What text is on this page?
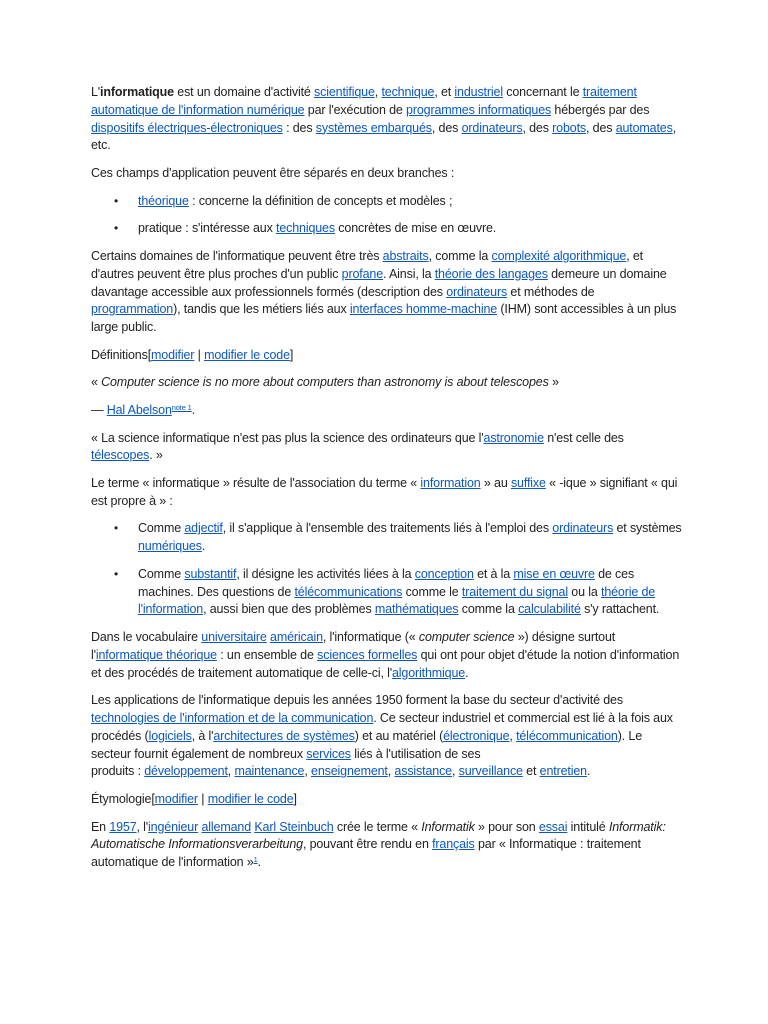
L'informatique est un domaine d'activité scientifique, technique, et industriel concernant le traitement automatique de l'information numérique par l'exécution de programmes informatiques hébergés par des dispositifs électriques-électroniques : des systèmes embarqués, des ordinateurs, des robots, des automates, etc.

Ces champs d'application peuvent être séparés en deux branches :

• théorique : concerne la définition de concepts et modèles ;
• pratique : s'intéresse aux techniques concrètes de mise en œuvre.

Certains domaines de l'informatique peuvent être très abstraits, comme la complexité algorithmique, et d'autres peuvent être plus proches d'un public profane. Ainsi, la théorie des langages demeure un domaine davantage accessible aux professionnels formés (description des ordinateurs et méthodes de programmation), tandis que les métiers liés aux interfaces homme-machine (IHM) sont accessibles à un plus large public.

Définitions[modifier | modifier le code]

« Computer science is no more about computers than astronomy is about telescopes »

— Hal Abelson$^{note 1}$.

« La science informatique n'est pas plus la science des ordinateurs que l'astronomie n'est celle des télescopes. »

Le terme « informatique » résulte de l'association du terme « information » au suffixe « -ique » signifiant « qui est propre à » :

• Comme adjectif, il s'applique à l'ensemble des traitements liés à l'emploi des ordinateurs et systèmes numériques.
• Comme substantif, il désigne les activités liées à la conception et à la mise en œuvre de ces machines. Des questions de télécommunications comme le traitement du signal ou la théorie de l'information, aussi bien que des problèmes mathématiques comme la calculabilité s'y rattachent.

Dans le vocabulaire universitaire américain, l'informatique (« computer science ») désigne surtout l'informatique théorique : un ensemble de sciences formelles qui ont pour objet d'étude la notion d'information et des procédés de traitement automatique de celle-ci, l'algorithmique.

Les applications de l'informatique depuis les années 1950 forment la base du secteur d'activité des technologies de l'information et de la communication. Ce secteur industriel et commercial est lié à la fois aux procédés (logiciels, à l'architectures de systèmes) et au matériel (électronique, télécommunication). Le secteur fournit également de nombreux services liés à l'utilisation de ses
produits : développement, maintenance, enseignement, assistance, surveillance et entretien.

Étymologie[modifier | modifier le code]

En 1957, l'ingénieur allemand Karl Steinbuch crée le terme « Informatik » pour son essai intitulé Informatik: Automatische Informationsverarbeitung, pouvant être rendu en français par « Informatique : traitement automatique de l'information »$^1$.
